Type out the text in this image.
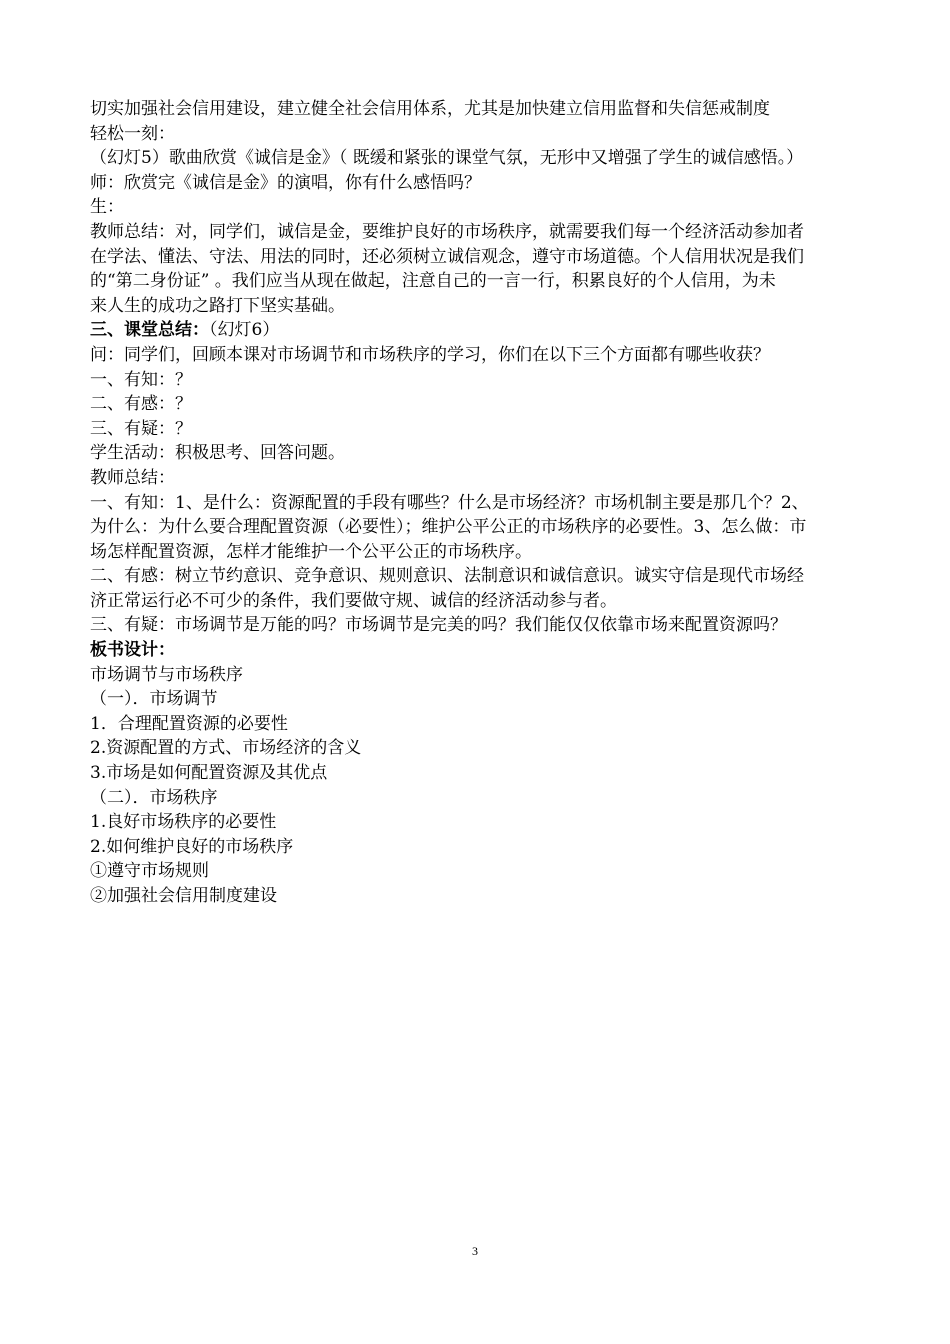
切实加强社会信用建设，建立健全社会信用体系，尤其是加快建立信用监督和失信惩戒制度
轻松一刻：
（幻灯5）歌曲欣赏《诚信是金》（ 既缓和紧张的课堂气氛，无形中又增强了学生的诚信感悟。）
师：欣赏完《诚信是金》的演唱，你有什么感悟吗？
生：
教师总结：对，同学们，诚信是金，要维护良好的市场秩序，就需要我们每一个经济活动参加者
在学法、懂法、守法、用法的同时，还必须树立诚信观念，遵守市场道德。个人信用状况是我们
的“第二身份证” 。我们应当从现在做起，注意自己的一言一行，积累良好的个人信用，为未
来人生的成功之路打下坚实基础。
三、课堂总结：（幻灯6）
问：同学们，回顾本课对市场调节和市场秩序的学习，你们在以下三个方面都有哪些收获？
一、有知：？
二、有感：？
三、有疑：？
学生活动：积极思考、回答问题。
教师总结：
一、有知：1、是什么：资源配置的手段有哪些？什么是市场经济？市场机制主要是那几个？2、
为什么：为什么要合理配置资源（必要性）；维护公平公正的市场秩序的必要性。3、怎么做：市
场怎样配置资源，怎样才能维护一个公平公正的市场秩序。
二、有感：树立节约意识、竞争意识、规则意识、法制意识和诚信意识。诚实守信是现代市场经
济正常运行必不可少的条件，我们要做守规、诚信的经济活动参与者。
三、有疑：市场调节是万能的吗？市场调节是完美的吗？我们能仅仅依靠市场来配置资源吗？
板书设计：
市场调节与市场秩序
（一）．市场调节
1．合理配置资源的必要性
2.资源配置的方式、市场经济的含义
3.市场是如何配置资源及其优点
（二）．市场秩序
1.良好市场秩序的必要性
2.如何维护良好的市场秩序
①遵守市场规则
②加强社会信用制度建设
3
